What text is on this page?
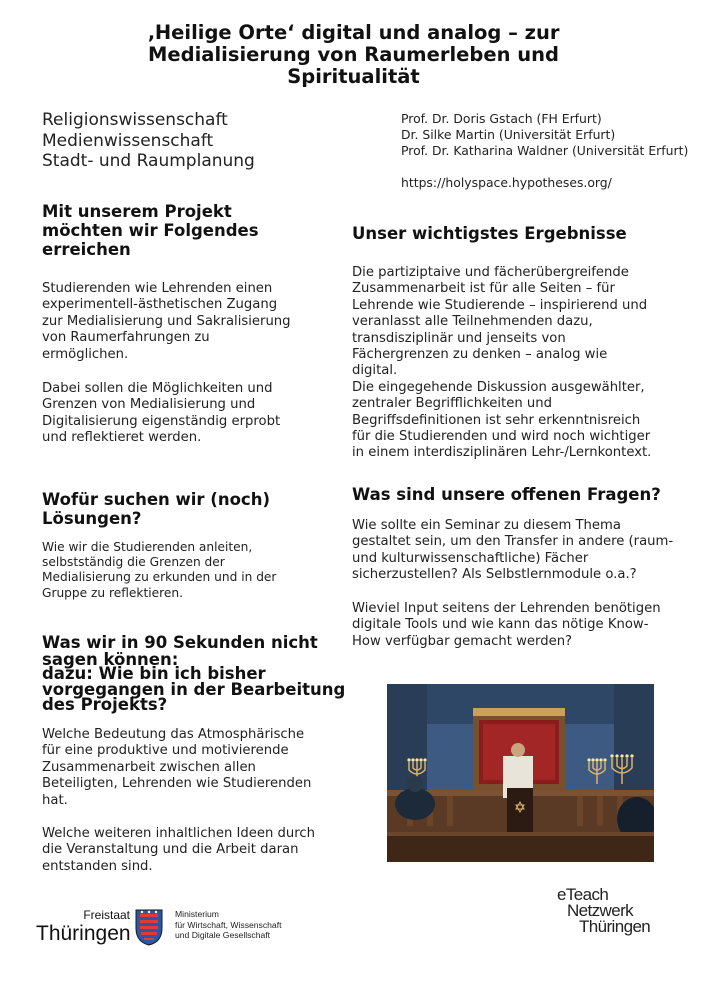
‚Heilige Orte‘ digital und analog – zur
Medialisierung von Raumerleben und
Spiritualität
Religionswissenschaft
Medienwissenschaft
Stadt- und Raumplanung
Prof. Dr. Doris Gstach (FH Erfurt)
Dr. Silke Martin (Universität Erfurt)
Prof. Dr. Katharina Waldner (Universität Erfurt)
https://holyspace.hypotheses.org/
Mit unserem Projekt
möchten wir Folgendes
erreichen

Studierenden wie Lehrenden einen
experimentell-ästhetischen Zugang
zur Medialisierung und Sakralisierung
von Raumerfahrungen zu
ermöglichen.

Dabei sollen die Möglichkeiten und
Grenzen von Medialisierung und
Digitalisierung eigenständig erprobt
und reflektieret werden.

Wofür suchen wir (noch)
Lösungen?

Wie wir die Studierenden anleiten,
selbstständig die Grenzen der
Medialisierung zu erkunden und in der
Gruppe zu reflektieren.

Was wir in 90 Sekunden nicht
sagen können:
dazu: Wie bin ich bisher
vorgegangen in der Bearbeitung
des Projekts?

Welche Bedeutung das Atmosphärische
für eine produktive und motivierende
Zusammenarbeit zwischen allen
Beteiligten, Lehrenden wie Studierenden
hat.

Welche weiteren inhaltlichen Ideen durch
die Veranstaltung und die Arbeit daran
entstanden sind.

Unser wichtigstes Ergebnisse

Die partiziptaive und fächerübergreifende
Zusammenarbeit ist für alle Seiten – für
Lehrende wie Studierende – inspirierend und
veranlasst alle Teilnehmenden dazu,
transdisziplinär und jenseits von
Fächergrenzen zu denken – analog wie
digital.
Die eingegehende Diskussion ausgewählter,
zentraler Begrifflichkeiten und
Begriffsdefinitionen ist sehr erkenntnisreich
für die Studierenden und wird noch wichtiger
in einem interdisziplinären Lehr-/Lernkontext.

Was sind unsere offenen Fragen?

Wie sollte ein Seminar zu diesem Thema
gestaltet sein, um den Transfer in andere (raum-
und kulturwissenschaftliche) Fächer
sicherzustellen? Als Selbstlernmodule o.a.?

Wieviel Input seitens der Lehrenden benötigen
digitale Tools und wie kann das nötige Know-
How verfügbar gemacht werden?

Freistaat
Thüringen
Ministerium
für Wirtschaft, Wissenschaft
und Digitale Gesellschaft
eTeach
Netzwerk
Thüringen
